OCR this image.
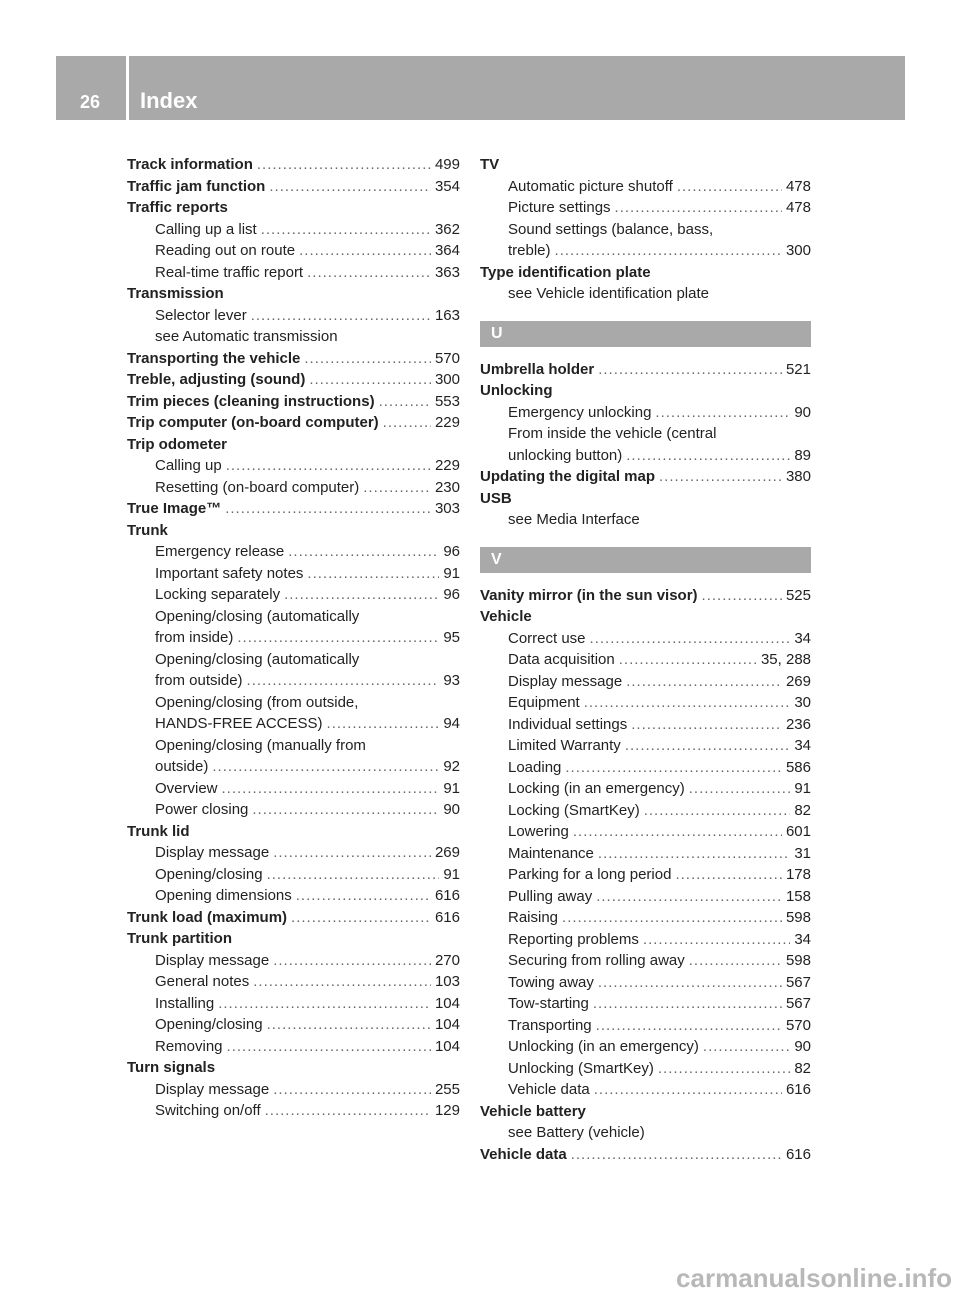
26	Index
Track information .....	499
Traffic jam function .....	354
Traffic reports
Calling up a list .....	362
Reading out on route .....	364
Real-time traffic report .....	363
Transmission
Selector lever .....	163
see Automatic transmission
Transporting the vehicle .....	570
Treble, adjusting (sound) .....	300
Trim pieces (cleaning instructions) .....	553
Trip computer (on-board computer) .....	229
Trip odometer
Calling up .....	229
Resetting (on-board computer) .....	230
True Image™ .....	303
Trunk
Emergency release .....	96
Important safety notes .....	91
Locking separately .....	96
Opening/closing (automatically
from inside) .....	95
Opening/closing (automatically
from outside) .....	93
Opening/closing (from outside,
HANDS-FREE ACCESS) .....	94
Opening/closing (manually from
outside) .....	92
Overview .....	91
Power closing .....	90
Trunk lid
Display message .....	269
Opening/closing .....	91
Opening dimensions .....	616
Trunk load (maximum) .....	616
Trunk partition
Display message .....	270
General notes .....	103
Installing .....	104
Opening/closing .....	104
Removing .....	104
Turn signals
Display message .....	255
Switching on/off .....	129
TV
Automatic picture shutoff .....	478
Picture settings .....	478
Sound settings (balance, bass,
treble) .....	300
Type identification plate
see Vehicle identification plate
U
Umbrella holder .....	521
Unlocking
Emergency unlocking .....	90
From inside the vehicle (central
unlocking button) .....	89
Updating the digital map .....	380
USB
see Media Interface
V
Vanity mirror (in the sun visor) .....	525
Vehicle
Correct use .....	34
Data acquisition .....	35, 288
Display message .....	269
Equipment .....	30
Individual settings .....	236
Limited Warranty .....	34
Loading .....	586
Locking (in an emergency) .....	91
Locking (SmartKey) .....	82
Lowering .....	601
Maintenance .....	31
Parking for a long period .....	178
Pulling away .....	158
Raising .....	598
Reporting problems .....	34
Securing from rolling away .....	598
Towing away .....	567
Tow-starting .....	567
Transporting .....	570
Unlocking (in an emergency) .....	90
Unlocking (SmartKey) .....	82
Vehicle data .....	616
Vehicle battery
see Battery (vehicle)
Vehicle data .....	616
carmanualsonline.info
